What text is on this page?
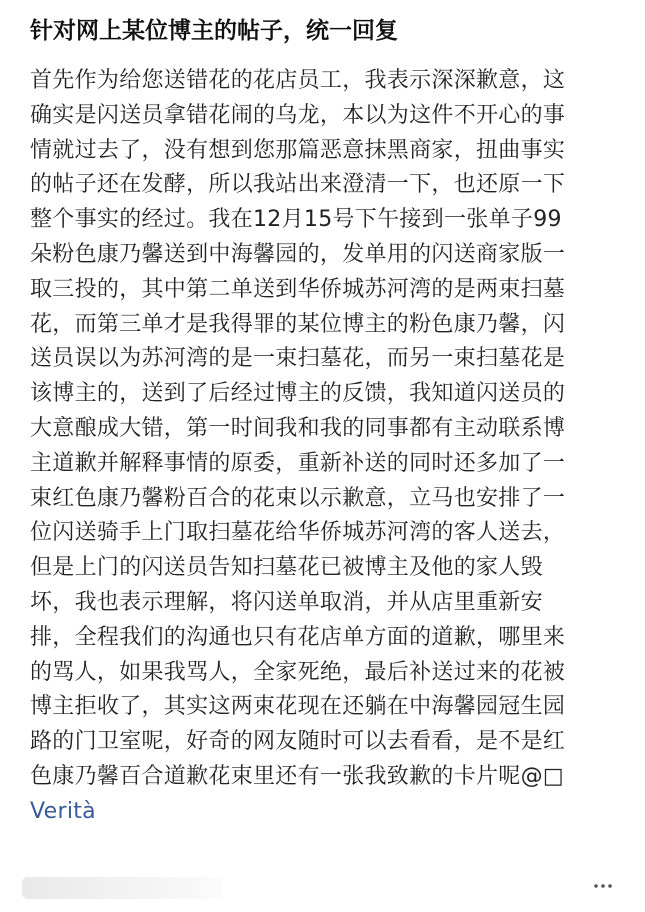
针对网上某位博主的帖子，统一回复
首先作为给您送错花的花店员工，我表示深深歉意，这
确实是闪送员拿错花闹的乌龙，本以为这件不开心的事
情就过去了，没有想到您那篇恶意抹黑商家，扭曲事实
的帖子还在发酵，所以我站出来澄清一下，也还原一下
整个事实的经过。我在12月15号下午接到一张单子99
朵粉色康乃馨送到中海馨园的，发单用的闪送商家版一
取三投的，其中第二单送到华侨城苏河湾的是两束扫墓
花，而第三单才是我得罪的某位博主的粉色康乃馨，闪
送员误以为苏河湾的是一束扫墓花，而另一束扫墓花是
该博主的，送到了后经过博主的反馈，我知道闪送员的
大意酿成大错，第一时间我和我的同事都有主动联系博
主道歉并解释事情的原委，重新补送的同时还多加了一
束红色康乃馨粉百合的花束以示歉意，立马也安排了一
位闪送骑手上门取扫墓花给华侨城苏河湾的客人送去，
但是上门的闪送员告知扫墓花已被博主及他的家人毁
坏，我也表示理解，将闪送单取消，并从店里重新安
排，全程我们的沟通也只有花店单方面的道歉，哪里来
的骂人，如果我骂人，全家死绝，最后补送过来的花被
博主拒收了，其实这两束花现在还躺在中海馨园冠生园
路的门卫室呢，好奇的网友随时可以去看看，是不是红
色康乃馨百合道歉花束里还有一张我致歉的卡片呢@□
Verità
